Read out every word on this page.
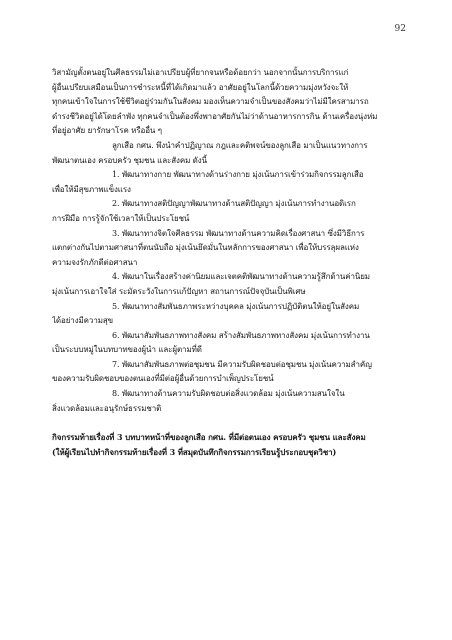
92
วิสามัญตั้งตนอยู่ในศีลธรรมไม่เอาเปรียบผู้ที่ยากจนหรือด้อยกว่า นอกจากนั้นการบริการแก่
ผู้อื่นเปรียบเสมือนเป็นการชำระหนี้ที่ได้เกิดมาแล้ว อาศัยอยู่ในโลกนี้ด้วยความมุ่งหวังจะให้
ทุกคนเข้าใจในการใช้ชีวิตอยู่ร่วมกันในสังคม มองเห็นความจำเป็นของสังคมว่าไม่มีใครสามารถ
ดำรงชีวิตอยู่ได้โดยลำพัง ทุกคนจำเป็นต้องพึ่งพาอาศัยกันไม่ว่าด้านอาหารการกิน ด้านเครื่องนุ่งห่ม
ที่อยู่อาศัย ยารักษาโรค หรืออื่น ๆ
ลูกเสือ กศน. พึงนำคำปฏิญาณ กฎและคติพจน์ของลูกเสือ มาเป็นแนวทางการ
พัฒนาตนเอง ครอบครัว ชุมชน และสังคม ดังนี้
1. พัฒนาทางกาย พัฒนาทางด้านร่างกาย มุ่งเน้นการเข้าร่วมกิจกรรมลูกเสือ
เพื่อให้มีสุขภาพแข็งแรง
2. พัฒนาทางสติปัญญาพัฒนาทางด้านสติปัญญา มุ่งเน้นการทำงานอดิเรก
การฝีมือ การรู้จักใช้เวลาให้เป็นประโยชน์
3. พัฒนาทางจิตใจศีลธรรม พัฒนาทางด้านความคิดเรื่องศาสนา ซึ่งมีวิธีการ
แตกต่างกันไปตามศาสนาที่ตนนับถือ มุ่งเน้นยึดมั่นในหลักการของศาสนา เพื่อให้บรรลุผลแห่ง
ความจงรักภักดีต่อศาสนา
4. พัฒนาในเรื่องสร้างค่านิยมและเจตคติพัฒนาทางด้านความรู้สึกด้านค่านิยม
มุ่งเน้นการเอาใจใส่ ระมัดระวังในการแก้ปัญหา สถานการณ์ปัจจุบันเป็นพิเศษ
5. พัฒนาทางสัมพันธภาพระหว่างบุคคล มุ่งเน้นการปฏิบัติตนให้อยู่ในสังคม
ได้อย่างมีความสุข
6. พัฒนาสัมพันธภาพทางสังคม สร้างสัมพันธภาพทางสังคม มุ่งเน้นการทำงาน
เป็นระบบหมู่ในบทบาทของผู้นำ และผู้ตามที่ดี
7. พัฒนาสัมพันธภาพต่อชุมชน มีความรับผิดชอบต่อชุมชน มุ่งเน้นความสำคัญ
ของความรับผิดชอบของตนเองที่มีต่อผู้อื่นด้วยการบำเพ็ญประโยชน์
8. พัฒนาทางด้านความรับผิดชอบต่อสิ่งแวดล้อม มุ่งเน้นความสนใจใน
สิ่งแวดล้อมและอนุรักษ์ธรรมชาติ
กิจกรรมท้ายเรื่องที่ 3 บทบาทหน้าที่ของลูกเสือ กศน. ที่มีต่อตนเอง ครอบครัว ชุมชน และสังคม
(ให้ผู้เรียนไปทำกิจกรรมท้ายเรื่องที่ 3 ที่สมุดบันทึกกิจกรรมการเรียนรู้ประกอบชุดวิชา)
